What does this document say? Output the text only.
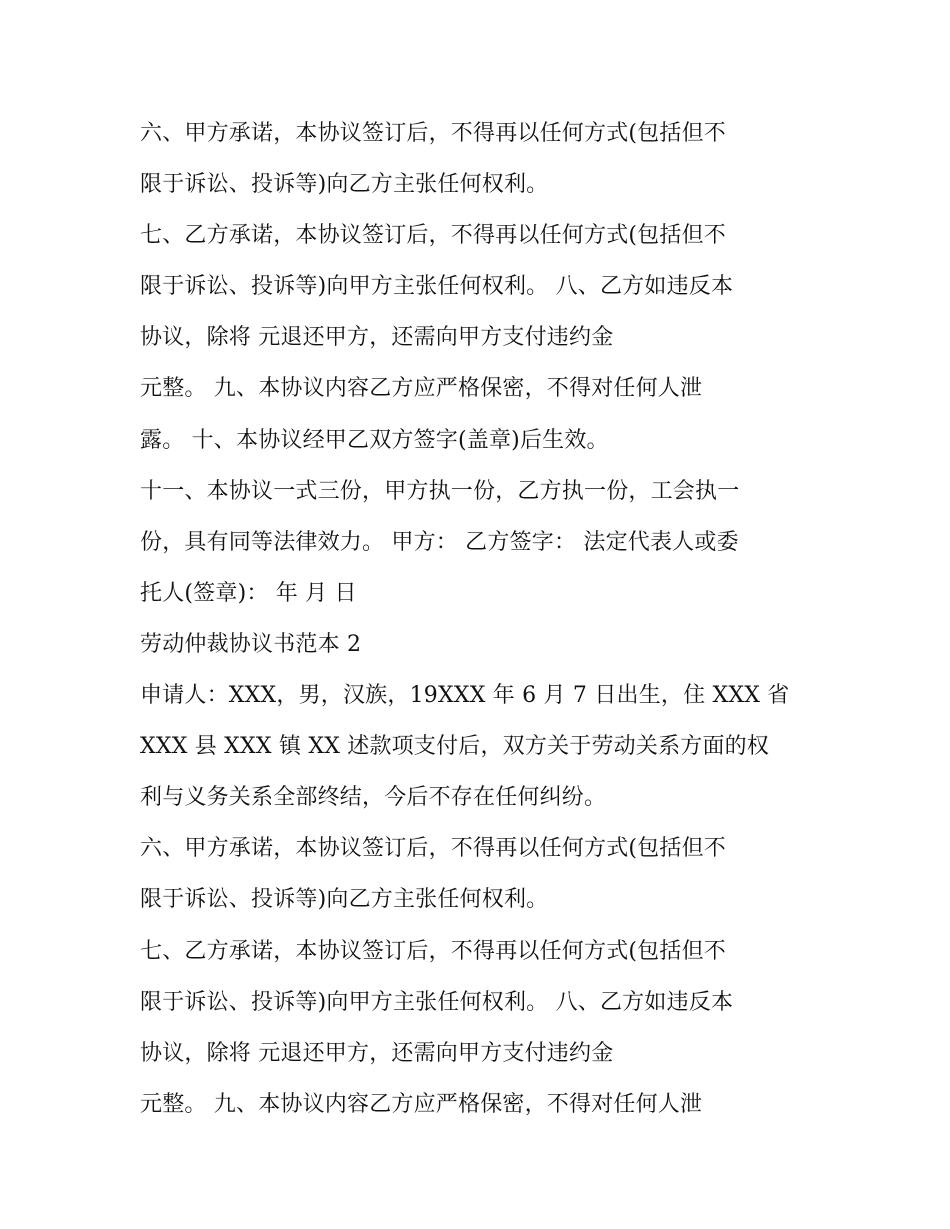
六、甲方承诺，本协议签订后，不得再以任何方式(包括但不
限于诉讼、投诉等)向乙方主张任何权利。
七、乙方承诺，本协议签订后，不得再以任何方式(包括但不
限于诉讼、投诉等)向甲方主张任何权利。 八、乙方如违反本
协议，除将 元退还甲方，还需向甲方支付违约金
元整。 九、本协议内容乙方应严格保密，不得对任何人泄
露。 十、本协议经甲乙双方签字(盖章)后生效。
十一、本协议一式三份，甲方执一份，乙方执一份，工会执一
份，具有同等法律效力。 甲方： 乙方签字： 法定代表人或委
托人(签章)： 年 月 日
劳动仲裁协议书范本 2
申请人：XXX，男，汉族，19XXX 年 6 月 7 日出生，住 XXX 省
XXX 县 XXX 镇 XX 述款项支付后，双方关于劳动关系方面的权
利与义务关系全部终结，今后不存在任何纠纷。
六、甲方承诺，本协议签订后，不得再以任何方式(包括但不
限于诉讼、投诉等)向乙方主张任何权利。
七、乙方承诺，本协议签订后，不得再以任何方式(包括但不
限于诉讼、投诉等)向甲方主张任何权利。 八、乙方如违反本
协议，除将 元退还甲方，还需向甲方支付违约金
元整。 九、本协议内容乙方应严格保密，不得对任何人泄
